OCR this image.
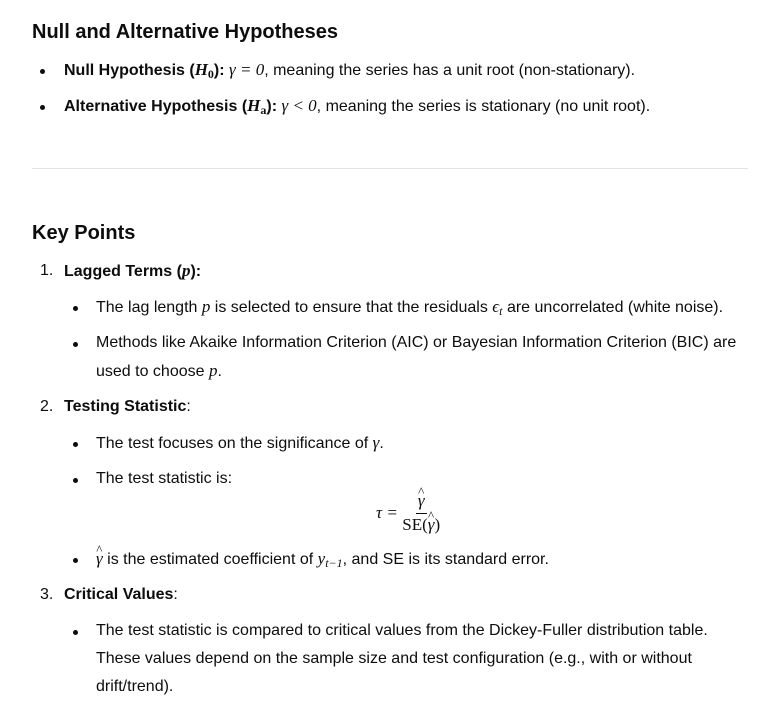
Null and Alternative Hypotheses
Null Hypothesis $(H_0)$: γ = 0, meaning the series has a unit root (non-stationary).
Alternative Hypothesis $(H_a)$: γ < 0, meaning the series is stationary (no unit root).
Key Points
1. Lagged Terms (p):
The lag length p is selected to ensure that the residuals $\epsilon_t$ are uncorrelated (white noise).
Methods like Akaike Information Criterion (AIC) or Bayesian Information Criterion (BIC) are
used to choose p.
2. Testing Statistic:
The test focuses on the significance of γ.
The test statistic is:
τ =
^ $\frac{\gamma}{SE(\^{} \gamma)}$
^ γ is the estimated coefficient of $y_{t-1}$, and SE is its standard error.
3. Critical Values:
The test statistic is compared to critical values from the Dickey-Fuller distribution table.
These values depend on the sample size and test configuration (e.g., with or without
drift/trend).
